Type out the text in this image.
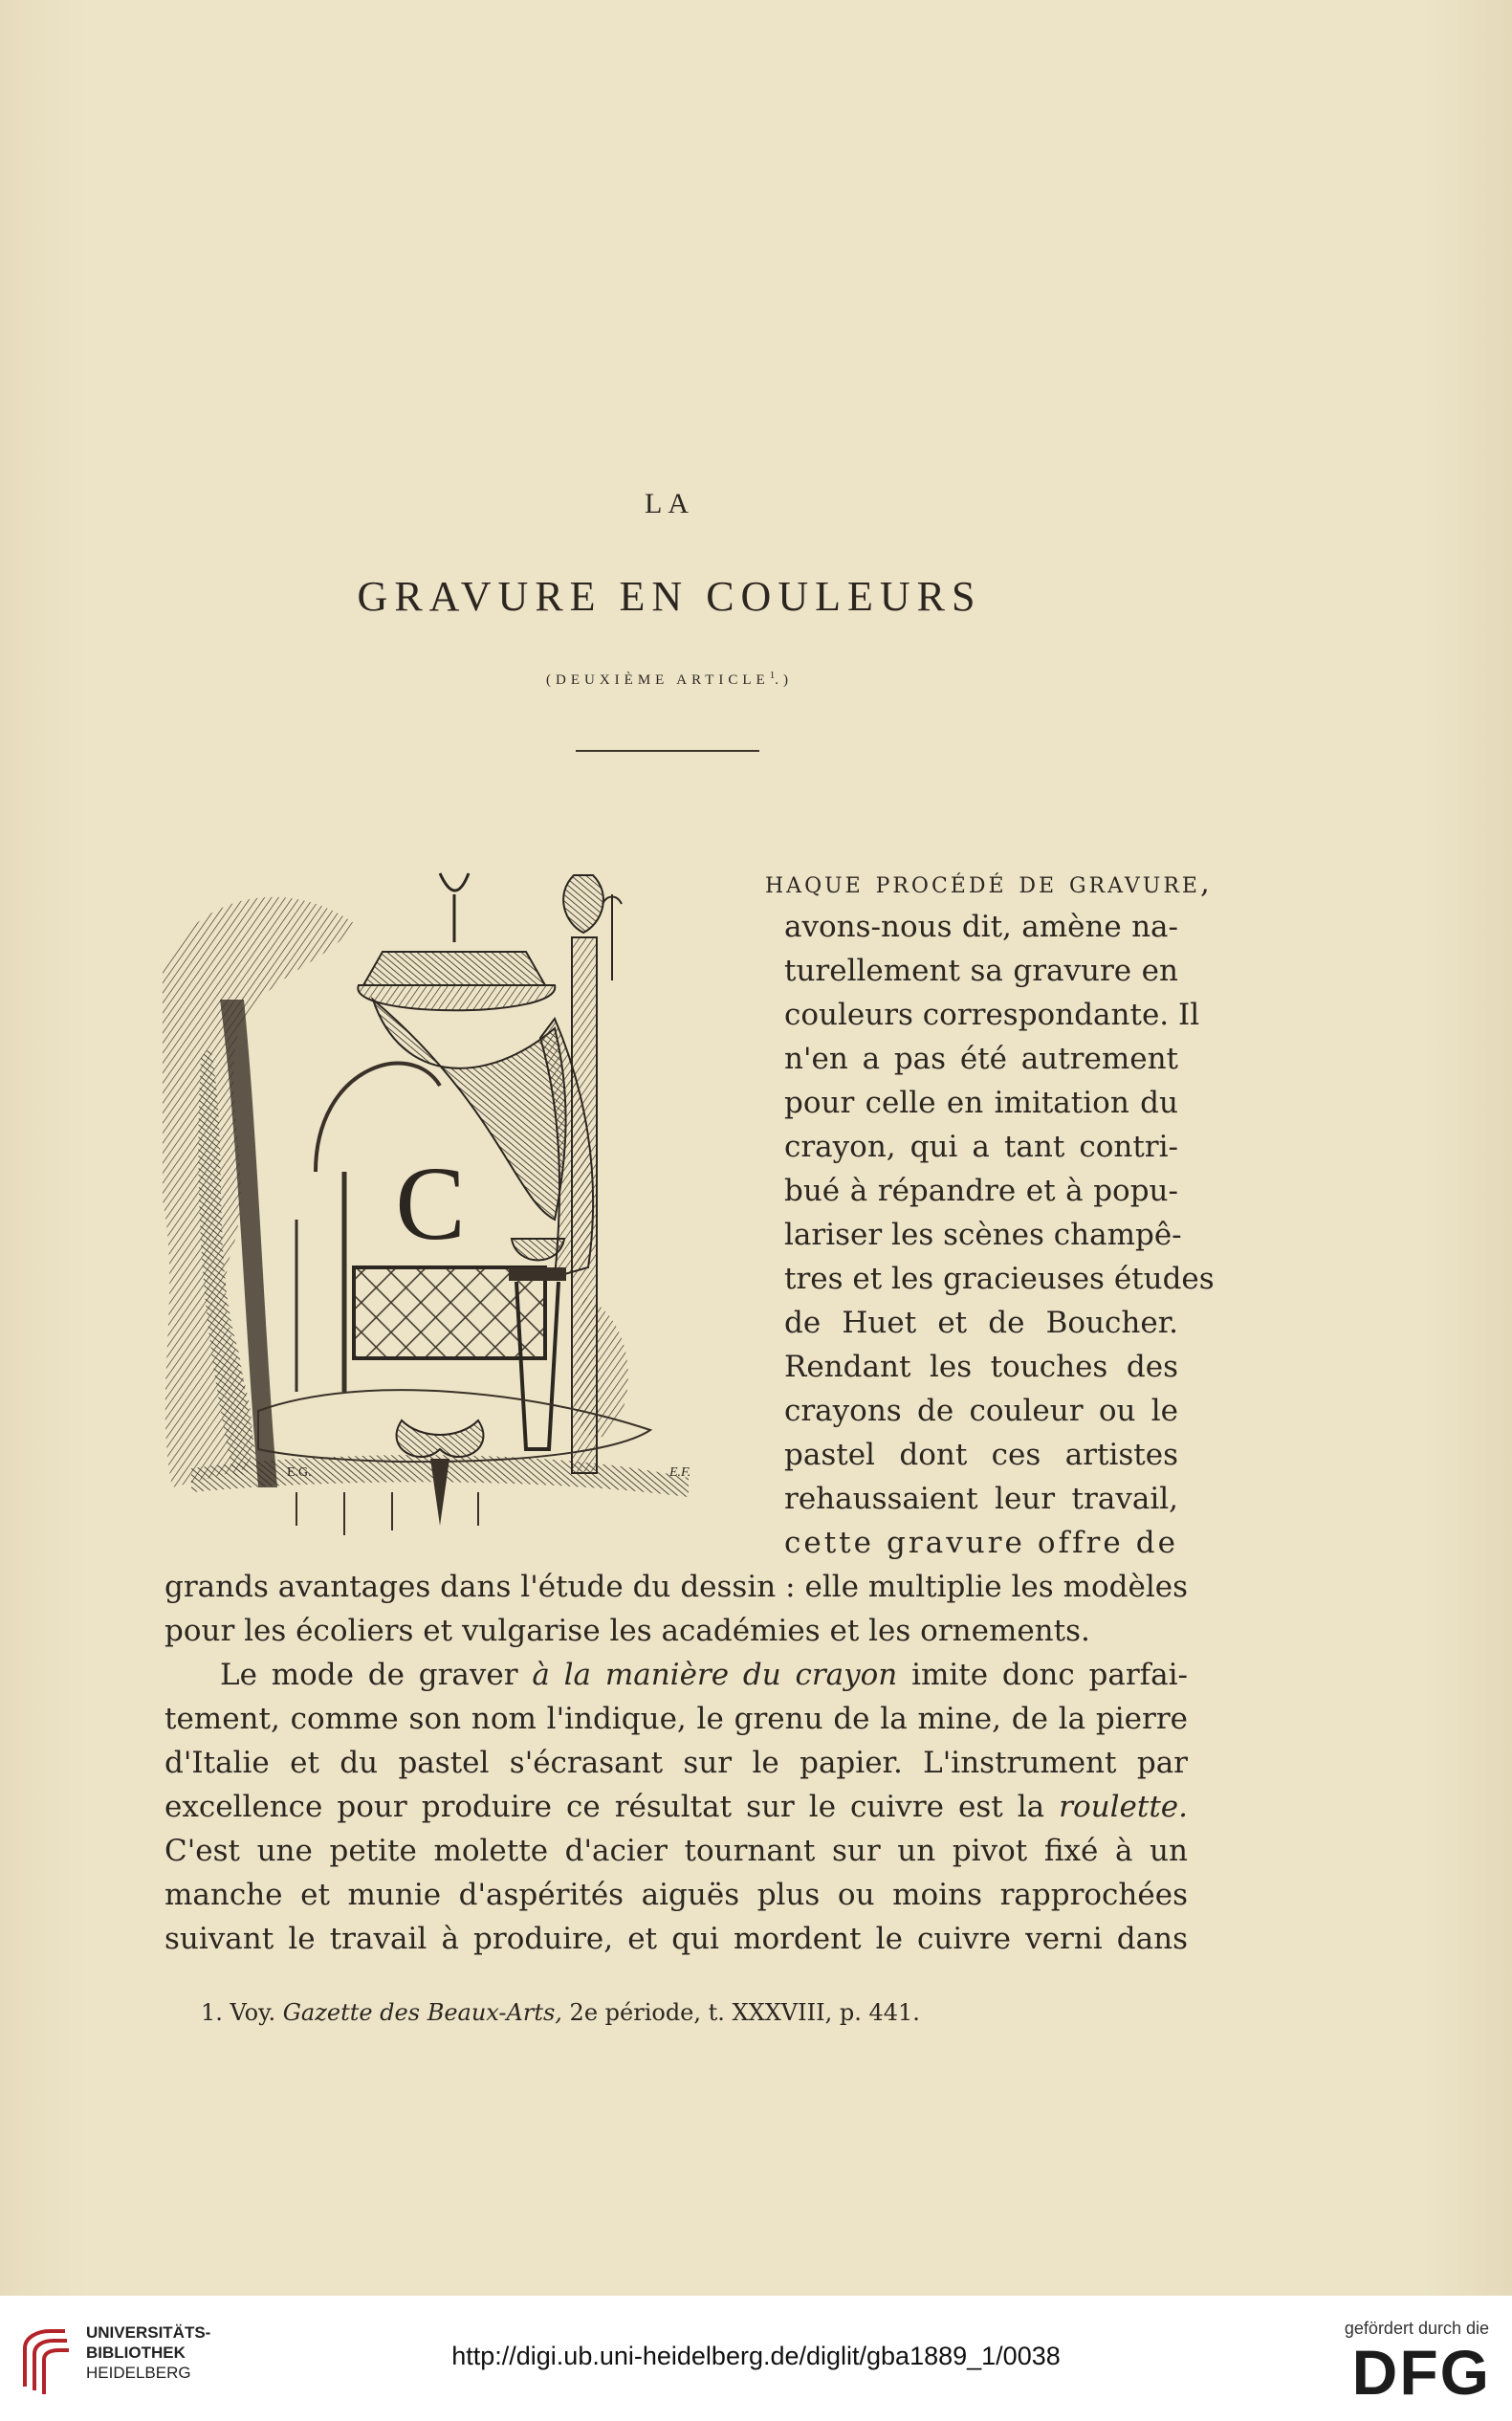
LA
GRAVURE EN COULEURS
(DEUXIÈME ARTICLE$^1$.)
C
E.G.	E.F.
haque procédé de gravure,
avons-nous dit, amène na-
turellement sa gravure en
couleurs correspondante. Il
n'en a pas été autrement
pour celle en imitation du
crayon, qui a tant contri-
bué à répandre et à popu-
lariser les scènes champê-
tres et les gracieuses études
de Huet et de Boucher.
Rendant les touches des
crayons de couleur ou le
pastel dont ces artistes
rehaussaient leur travail,
cette gravure offre de
grands avantages dans l'étude du dessin : elle multiplie les modèles
pour les écoliers et vulgarise les académies et les ornements.
Le mode de graver à la manière du crayon imite donc parfai-
tement, comme son nom l'indique, le grenu de la mine, de la pierre
d'Italie et du pastel s'écrasant sur le papier. L'instrument par
excellence pour produire ce résultat sur le cuivre est la roulette.
C'est une petite molette d'acier tournant sur un pivot fixé à un
manche et munie d'aspérités aiguës plus ou moins rapprochées
suivant le travail à produire, et qui mordent le cuivre verni dans
1. Voy. Gazette des Beaux-Arts, 2e période, t. XXXVIII, p. 441.
UNIVERSITÄTS-
BIBLIOTHEK
HEIDELBERG
http://digi.ub.uni-heidelberg.de/diglit/gba1889_1/0038
gefördert durch die
DFG
